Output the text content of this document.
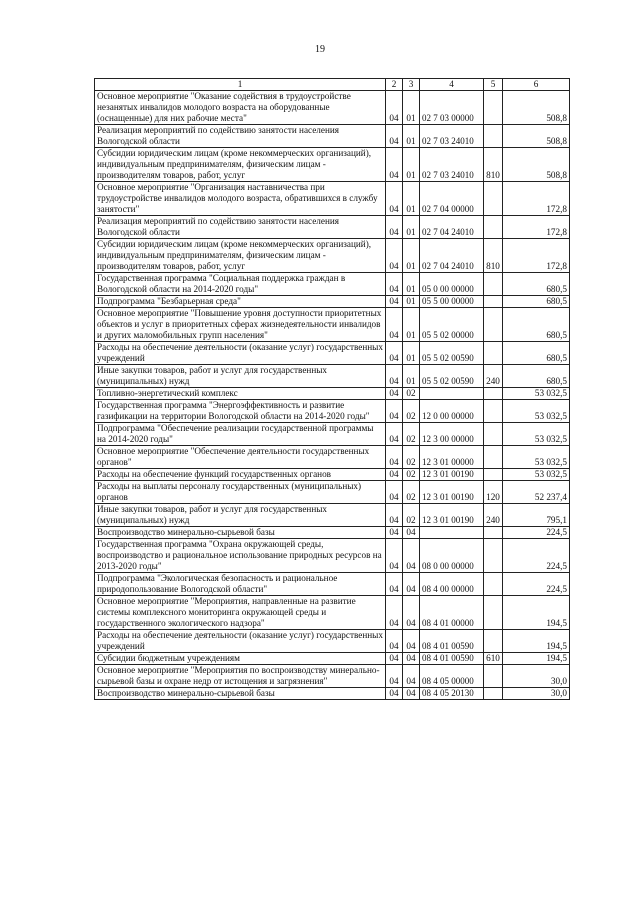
19
1	2	3	4	5	6
Основное мероприятие "Оказание содействия в трудоустройстве незанятых инвалидов молодого возраста на оборудованные (оснащенные) для них рабочие места"	04	01	02 7 03 00000		508,8
Реализация мероприятий по содействию занятости населения Вологодской области	04	01	02 7 03 24010		508,8
Субсидии юридическим лицам (кроме некоммерческих организаций), индивидуальным предпринимателям, физическим лицам - производителям товаров, работ, услуг	04	01	02 7 03 24010	810	508,8
Основное мероприятие "Организация наставничества при трудоустройстве инвалидов молодого возраста, обратившихся в службу занятости"	04	01	02 7 04 00000		172,8
Реализация мероприятий по содействию занятости населения Вологодской области	04	01	02 7 04 24010		172,8
Субсидии юридическим лицам (кроме некоммерческих организаций), индивидуальным предпринимателям, физическим лицам - производителям товаров, работ, услуг	04	01	02 7 04 24010	810	172,8
Государственная программа "Социальная поддержка граждан в Вологодской области на 2014-2020 годы"	04	01	05 0 00 00000		680,5
Подпрограмма "Безбарьерная среда"	04	01	05 5 00 00000		680,5
Основное мероприятие "Повышение уровня доступности приоритетных объектов и услуг в приоритетных сферах жизнедеятельности инвалидов и других маломобильных групп населения"	04	01	05 5 02 00000		680,5
Расходы на обеспечение деятельности (оказание услуг) государственных учреждений	04	01	05 5 02 00590		680,5
Иные закупки товаров, работ и услуг для государственных (муниципальных) нужд	04	01	05 5 02 00590	240	680,5
Топливно-энергетический комплекс	04	02			53 032,5
Государственная программа "Энергоэффективность и развитие газификации на территории Вологодской области на 2014-2020 годы"	04	02	12 0 00 00000		53 032,5
Подпрограмма "Обеспечение реализации государственной программы на 2014-2020 годы"	04	02	12 3 00 00000		53 032,5
Основное мероприятие "Обеспечение деятельности государственных органов"	04	02	12 3 01 00000		53 032,5
Расходы на обеспечение функций государственных органов	04	02	12 3 01 00190		53 032,5
Расходы на выплаты персоналу государственных (муниципальных) органов	04	02	12 3 01 00190	120	52 237,4
Иные закупки товаров, работ и услуг для государственных (муниципальных) нужд	04	02	12 3 01 00190	240	795,1
Воспроизводство минерально-сырьевой базы	04	04			224,5
Государственная программа "Охрана окружающей среды, воспроизводство и рациональное использование природных ресурсов на 2013-2020 годы"	04	04	08 0 00 00000		224,5
Подпрограмма "Экологическая безопасность и рациональное природопользование Вологодской области"	04	04	08 4 00 00000		224,5
Основное мероприятие "Мероприятия, направленные на развитие системы комплексного мониторинга окружающей среды и государственного экологического надзора"	04	04	08 4 01 00000		194,5
Расходы на обеспечение деятельности (оказание услуг) государственных учреждений	04	04	08 4 01 00590		194,5
Субсидии бюджетным учреждениям	04	04	08 4 01 00590	610	194,5
Основное мероприятие "Мероприятия по воспроизводству минерально-сырьевой базы и охране недр от истощения и загрязнения"	04	04	08 4 05 00000		30,0
Воспроизводство минерально-сырьевой базы	04	04	08 4 05 20130		30,0
